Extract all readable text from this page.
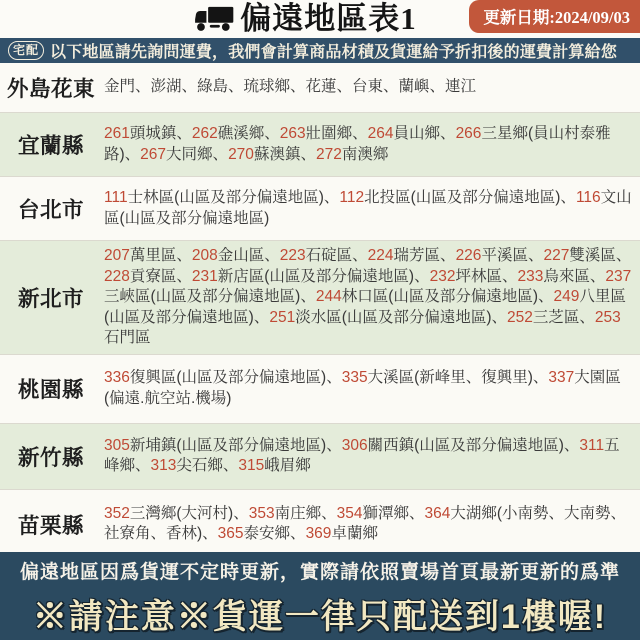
偏遠地區表1	更新日期:2024/09/03
宅配 以下地區請先詢問運費，我們會計算商品材積及貨運給予折扣後的運費計算給您
外島花東 金門、澎湖、綠島、琉球鄉、花蓮、台東、蘭嶼、連江
宜蘭縣
261頭城鎮、262礁溪鄉、263壯圍鄉、264員山鄉、266三星鄉(員山村泰雅路)、267大同鄉、270蘇澳鎮、272南澳鄉
台北市
111士林區(山區及部分偏遠地區)、112北投區(山區及部分偏遠地區)、116文山區(山區及部分偏遠地區)
新北市
207萬里區、208金山區、223石碇區、224瑞芳區、226平溪區、227雙溪區、228貢寮區、231新店區(山區及部分偏遠地區)、232坪林區、233烏來區、237三峽區(山區及部分偏遠地區)、244林口區(山區及部分偏遠地區)、249八里區(山區及部分偏遠地區)、251淡水區(山區及部分偏遠地區)、252三芝區、253石門區
桃園縣
336復興區(山區及部分偏遠地區)、335大溪區(新峰里、復興里)、337大園區(偏遠.航空站.機場)
新竹縣
305新埔鎮(山區及部分偏遠地區)、306關西鎮(山區及部分偏遠地區)、311五峰鄉、313尖石鄉、315峨眉鄉
苗栗縣
352三灣鄉(大河村)、353南庄鄉、354獅潭鄉、364大湖鄉(小南勢、大南勢、社寮角、香林)、365泰安鄉、369卓蘭鄉
偏遠地區因爲貨運不定時更新，實際請依照賣場首頁最新更新的爲準
※請注意※貨運一律只配送到1樓喔!
